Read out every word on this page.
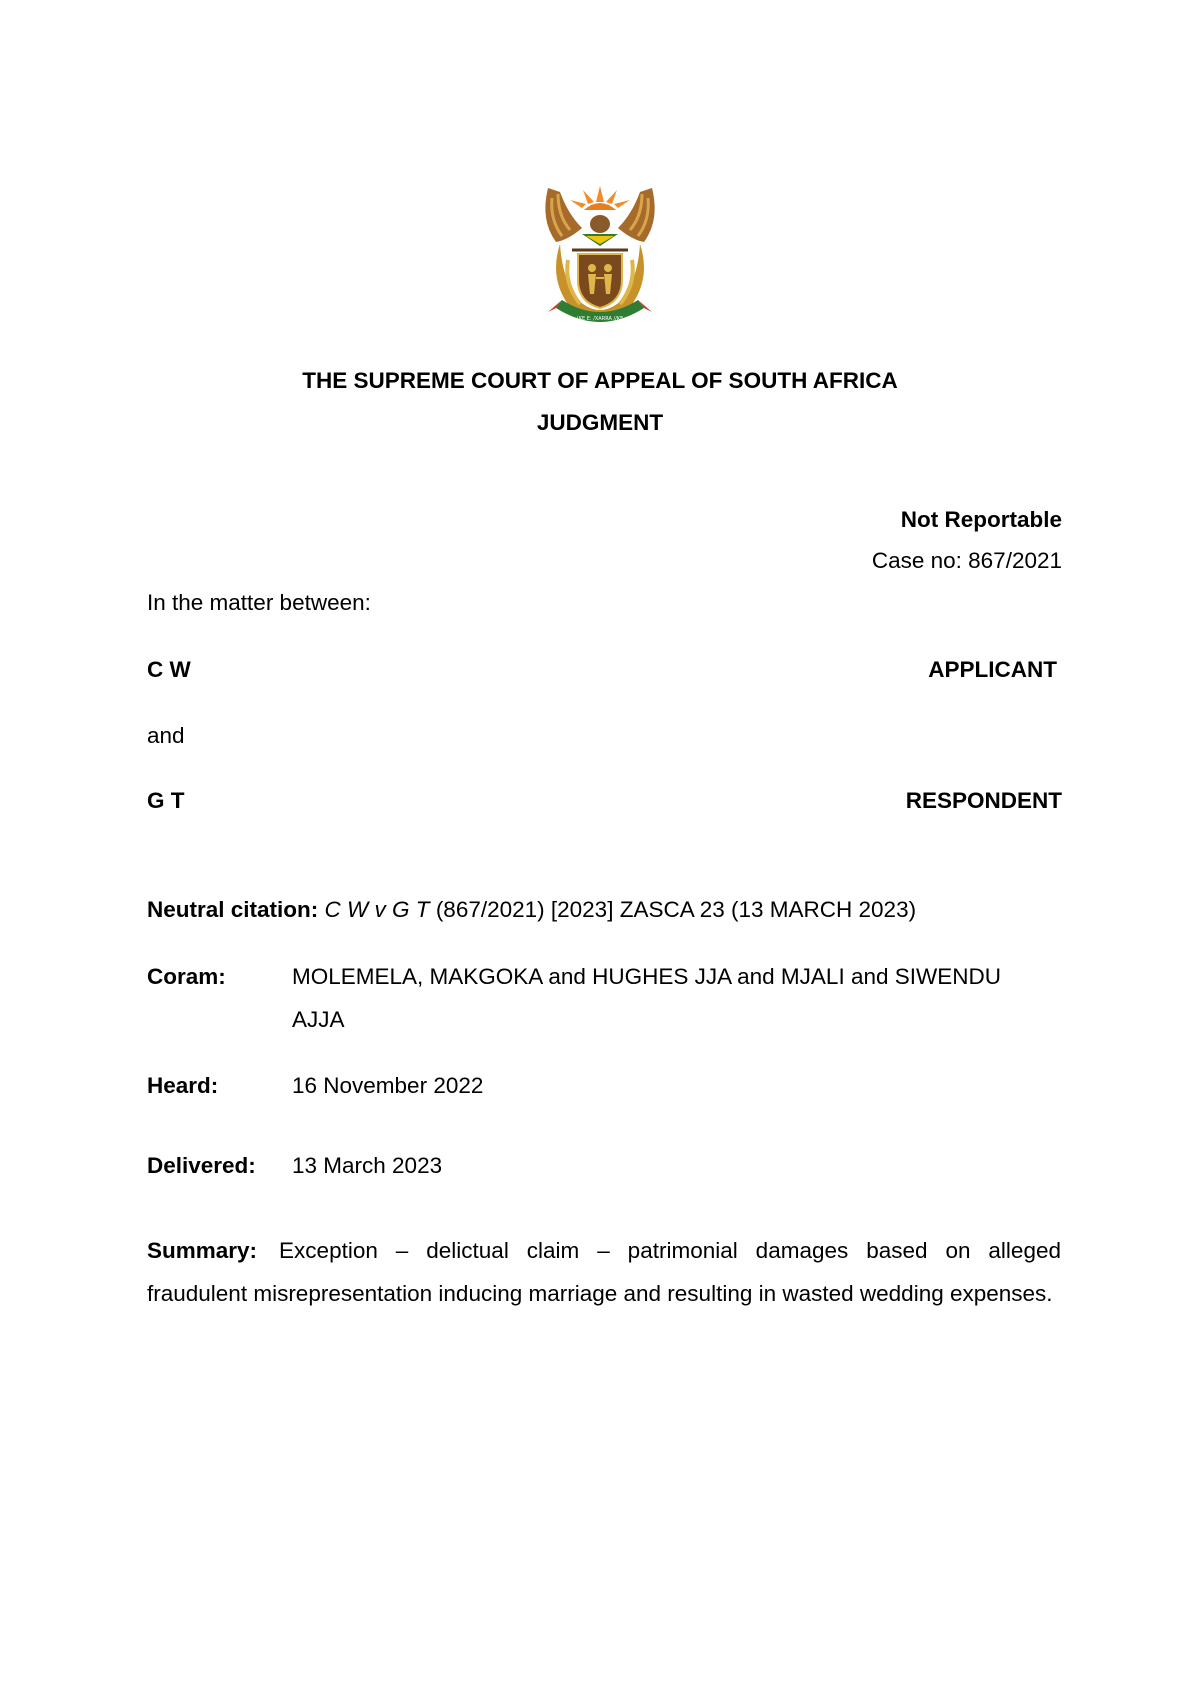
!KE E: /XARRA //KE
THE SUPREME COURT OF APPEAL OF SOUTH AFRICA
JUDGMENT
Not Reportable
Case no: 867/2021
In the matter between:
C W	APPLICANT
and
G T	RESPONDENT
Neutral citation: C W v G T (867/2021) [2023] ZASCA 23 (13 MARCH 2023)
Coram:	MOLEMELA, MAKGOKA and HUGHES JJA and MJALI and SIWENDU
AJJA
Heard:	16 November 2022
Delivered: 13 March 2023
Summary: Exception – delictual claim – patrimonial damages based on alleged fraudulent misrepresentation inducing marriage and resulting in wasted wedding expenses.
